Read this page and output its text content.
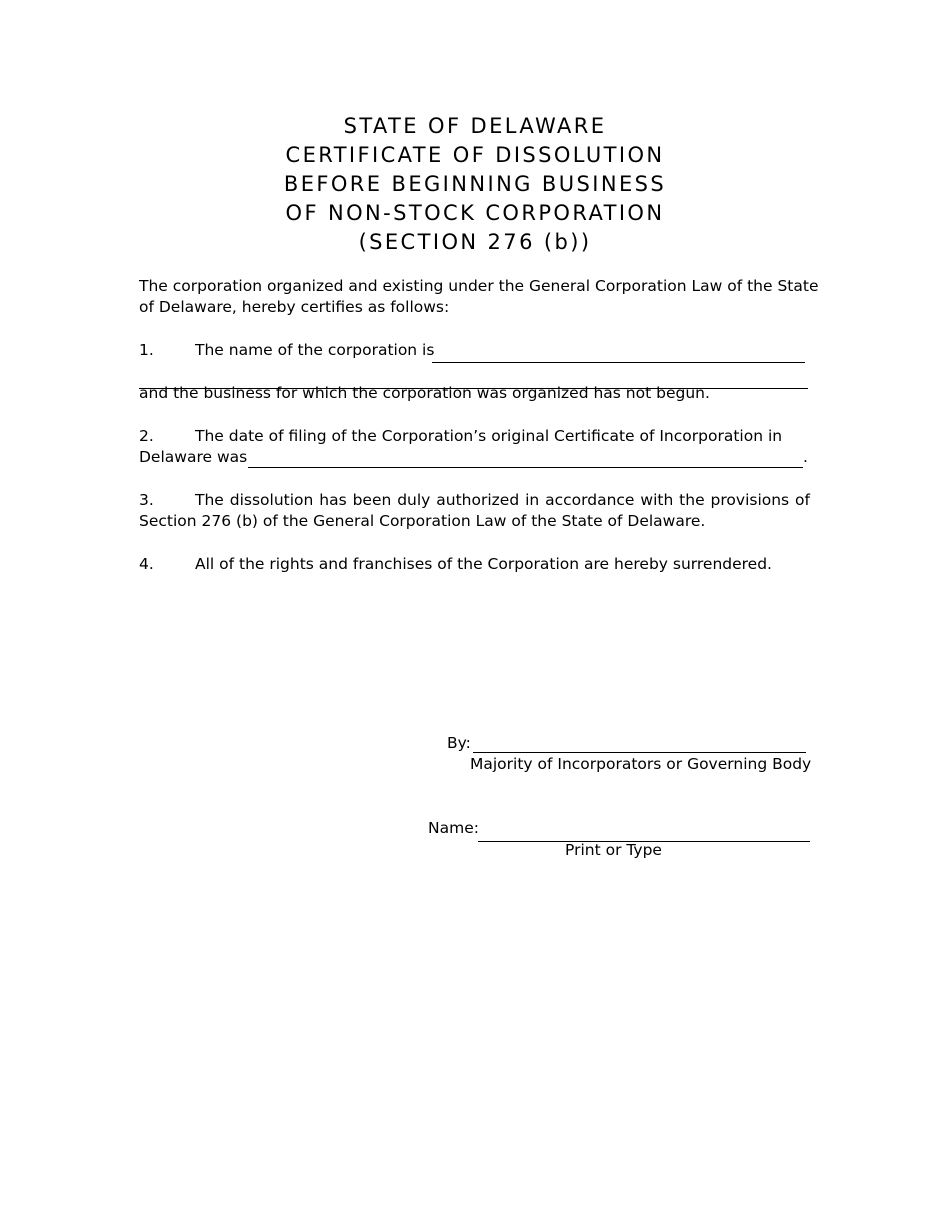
STATE OF DELAWARE
CERTIFICATE OF DISSOLUTION
BEFORE BEGINNING BUSINESS
OF NON-STOCK CORPORATION
(SECTION 276 (b))
The corporation organized and existing under the General Corporation Law of the State
of Delaware, hereby certifies as follows:
1.	The name of the corporation is
and the business for which the corporation was organized has not begun.
2.	The date of filing of the Corporation’s original Certificate of Incorporation in
Delaware was	.
3.	The dissolution has been duly authorized in accordance with the provisions of
Section 276 (b) of the General Corporation Law of the State of Delaware.
4.	All of the rights and franchises of the Corporation are hereby surrendered.
By:
Majority of Incorporators or Governing Body
Name:
Print or Type
